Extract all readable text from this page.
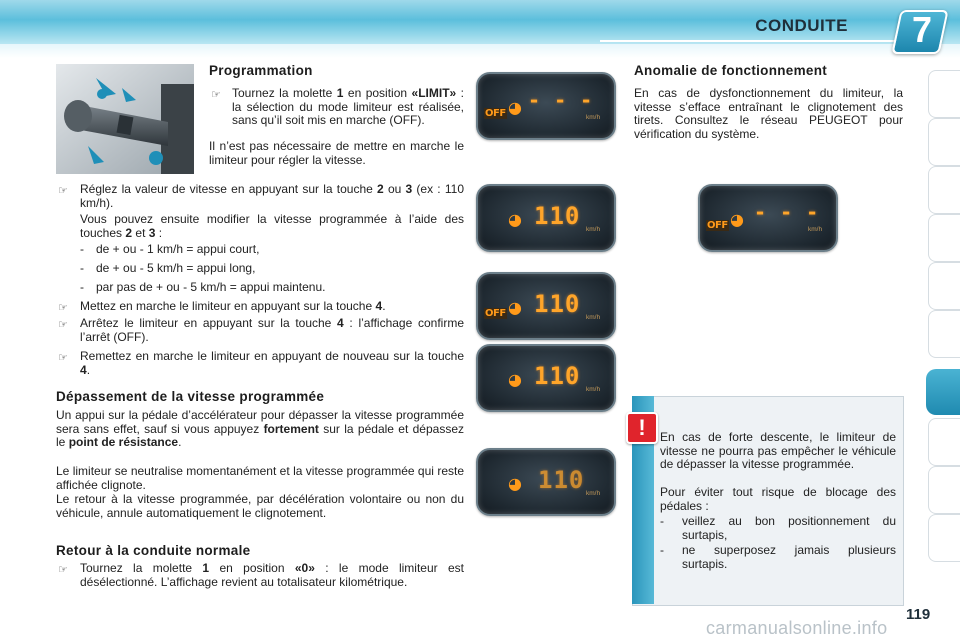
CONDUITE 7
Programmation
☞ Tournez la molette 1 en position «LIMIT» : la sélection du mode limiteur est réalisée, sans qu’il soit mis en marche (OFF).
Il n’est pas nécessaire de mettre en marche le limiteur pour régler la vitesse.
☞ Réglez la valeur de vitesse en appuyant sur la touche 2 ou 3 (ex : 110 km/h).
Vous pouvez ensuite modifier la vitesse programmée à l’aide des touches 2 et 3 :
- de + ou - 1 km/h = appui court,
- de + ou - 5 km/h = appui long,
- par pas de + ou - 5 km/h = appui maintenu.
☞ Mettez en marche le limiteur en appuyant sur la touche 4.
☞ Arrêtez le limiteur en appuyant sur la touche 4 : l’affichage confirme l’arrêt (OFF).
☞ Remettez en marche le limiteur en appuyant de nouveau sur la touche 4.
Dépassement de la vitesse programmée
Un appui sur la pédale d’accélérateur pour dépasser la vitesse programmée sera sans effet, sauf si vous appuyez fortement sur la pédale et dépassez le point de résistance.
Le limiteur se neutralise momentanément et la vitesse programmée qui reste affichée clignote.
Le retour à la vitesse programmée, par décélération volontaire ou non du véhicule, annule automatiquement le clignotement.
Retour à la conduite normale
☞ Tournez la molette 1 en position «0» : le mode limiteur est désélectionné. L’affichage revient au totalisateur kilométrique.
OFF ◕ - - -
km/h
◕ 110 km/h
OFF ◕ 110 km/h
◕ 110 km/h
◕ 110 km/h
OFF ◕ - - -
km/h
Anomalie de fonctionnement
En cas de dysfonctionnement du limiteur, la vitesse s’efface entraînant le clignotement des tirets. Consultez le réseau PEUGEOT pour vérification du système.
!	En cas de forte descente, le limiteur de vitesse ne pourra pas empêcher le véhicule de dépasser la vitesse programmée.
Pour éviter tout risque de blocage des pédales :
- veillez au bon positionnement du surtapis,
- ne superposez jamais plusieurs surtapis.
carmanualsonline.info
119
